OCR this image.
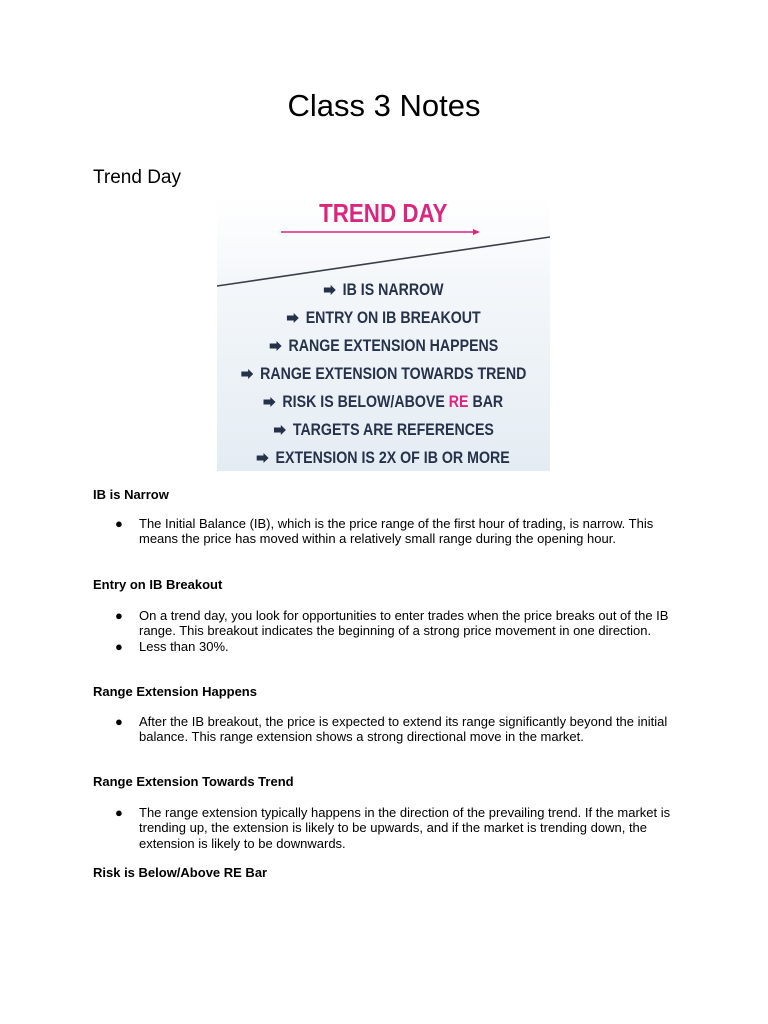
Class 3 Notes
Trend Day
TREND DAY
IB IS NARROW
ENTRY ON IB BREAKOUT
RANGE EXTENSION HAPPENS
RANGE EXTENSION TOWARDS TREND
RISK IS BELOW/ABOVE RE BAR
TARGETS ARE REFERENCES
EXTENSION IS 2X OF IB OR MORE
IB is Narrow
● The Initial Balance (IB), which is the price range of the first hour of trading, is narrow. This means the price has moved within a relatively small range during the opening hour.
Entry on IB Breakout
● On a trend day, you look for opportunities to enter trades when the price breaks out of the IB range. This breakout indicates the beginning of a strong price movement in one direction.
● Less than 30%.
Range Extension Happens
● After the IB breakout, the price is expected to extend its range significantly beyond the initial balance. This range extension shows a strong directional move in the market.
Range Extension Towards Trend
● The range extension typically happens in the direction of the prevailing trend. If the market is trending up, the extension is likely to be upwards, and if the market is trending down, the extension is likely to be downwards.
Risk is Below/Above RE Bar
